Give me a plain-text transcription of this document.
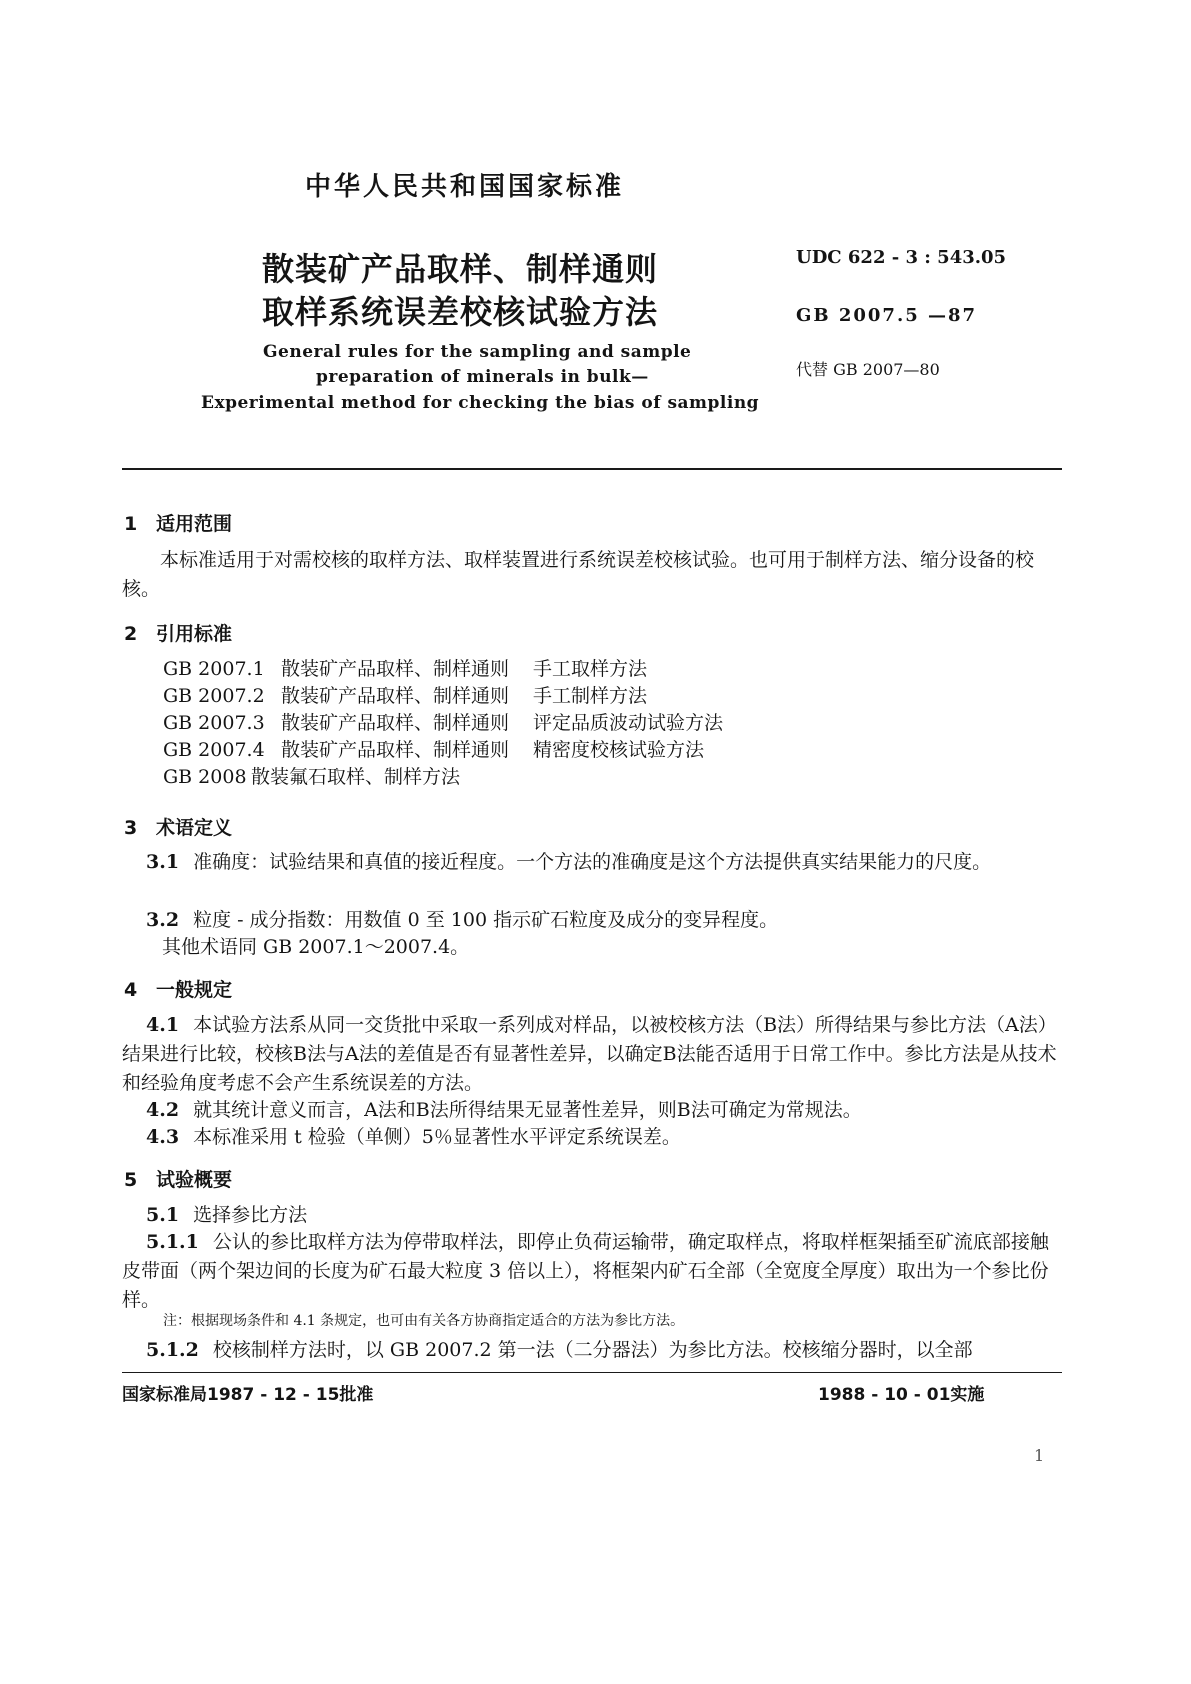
中华人民共和国国家标准
散装矿产品取样、制样通则
取样系统误差校核试验方法
UDC 622 - 3 : 543.05
GB 2007.5 —87
代替 GB 2007—80
General rules for the sampling and sample
preparation of minerals in bulk—
Experimental method for checking the bias of sampling
1 适用范围
本标准适用于对需校核的取样方法、取样装置进行系统误差校核试验。也可用于制样方法、缩分设备的校核。
2 引用标准
GB 2007.1 散装矿产品取样、制样通则 手工取样方法
GB 2007.2 散装矿产品取样、制样通则 手工制样方法
GB 2007.3 散装矿产品取样、制样通则 评定品质波动试验方法
GB 2007.4 散装矿产品取样、制样通则 精密度校核试验方法
GB 2008 散装氟石取样、制样方法
3 术语定义
3.1 准确度：试验结果和真值的接近程度。一个方法的准确度是这个方法提供真实结果能力的尺度。
3.2 粒度 - 成分指数：用数值 0 至 100 指示矿石粒度及成分的变异程度。
其他术语同 GB 2007.1～2007.4。
4 一般规定
4.1 本试验方法系从同一交货批中采取一系列成对样品，以被校核方法（B法）所得结果与参比方法（A法）结果进行比较，校核B法与A法的差值是否有显著性差异，以确定B法能否适用于日常工作中。参比方法是从技术和经验角度考虑不会产生系统误差的方法。
4.2 就其统计意义而言，A法和B法所得结果无显著性差异，则B法可确定为常规法。
4.3 本标准采用 t 检验（单侧）5％显著性水平评定系统误差。
5 试验概要
5.1 选择参比方法
5.1.1 公认的参比取样方法为停带取样法，即停止负荷运输带，确定取样点，将取样框架插至矿流底部接触皮带面（两个架边间的长度为矿石最大粒度 3 倍以上），将框架内矿石全部（全宽度全厚度）取出为一个参比份样。
注：根据现场条件和 4.1 条规定，也可由有关各方协商指定适合的方法为参比方法。
5.1.2 校核制样方法时，以 GB 2007.2 第一法（二分器法）为参比方法。校核缩分器时，以全部
国家标准局1987 - 12 - 15批准	1988 - 10 - 01实施
1
